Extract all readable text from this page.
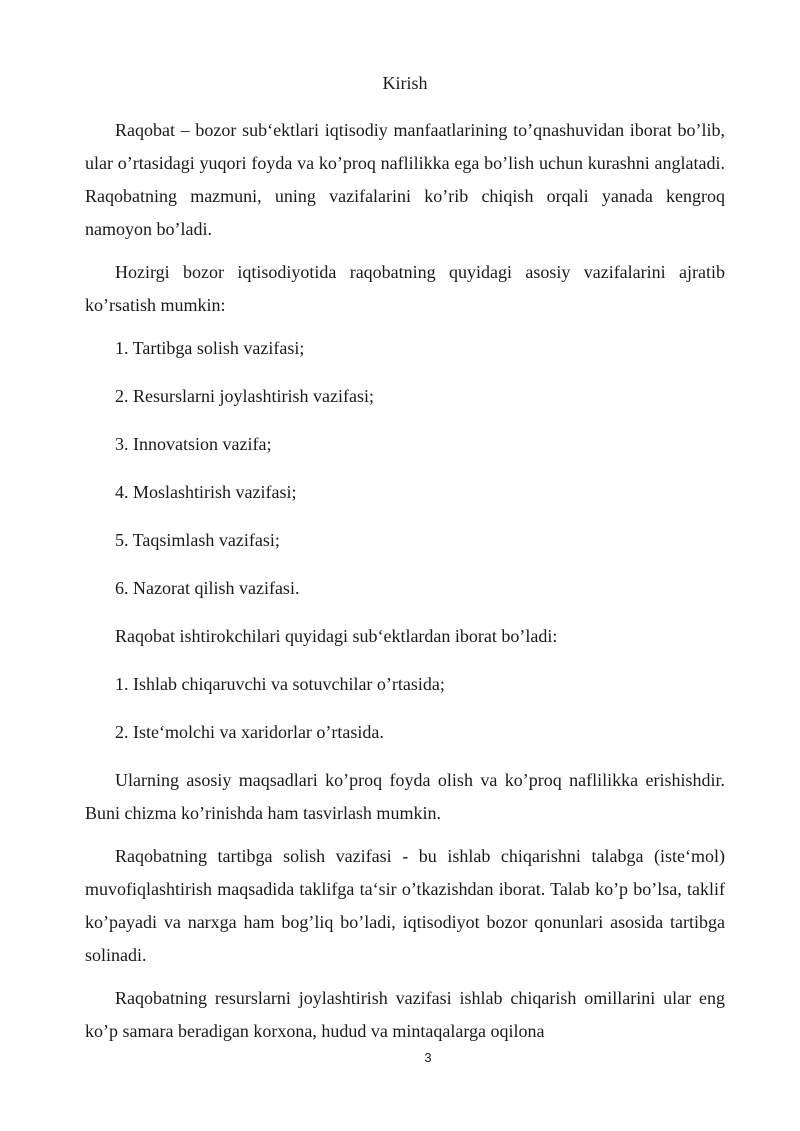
Kirish

Raqobat – bozor sub‘ektlari iqtisodiy manfaatlarining to’qnashuvidan iborat bo’lib, ular o’rtasidagi yuqori foyda va ko’proq naflilikka ega bo’lish uchun kurashni anglatadi. Raqobatning mazmuni, uning vazifalarini ko’rib chiqish orqali yanada kengroq namoyon bo’ladi.

Hozirgi bozor iqtisodiyotida raqobatning quyidagi asosiy vazifalarini ajratib ko’rsatish mumkin:

1. Tartibga solish vazifasi;
2. Resurslarni joylashtirish vazifasi;
3. Innovatsion vazifa;
4. Moslashtirish vazifasi;
5. Taqsimlash vazifasi;
6. Nazorat qilish vazifasi.
Raqobat ishtirokchilari quyidagi sub‘ektlardan iborat bo’ladi:
1. Ishlab chiqaruvchi va sotuvchilar o’rtasida;
2. Iste‘molchi va xaridorlar o’rtasida.

Ularning asosiy maqsadlari ko’proq foyda olish va ko’proq naflilikka erishishdir. Buni chizma ko’rinishda ham tasvirlash mumkin.

Raqobatning tartibga solish vazifasi - bu ishlab chiqarishni talabga (iste‘mol) muvofiqlashtirish maqsadida taklifga ta‘sir o’tkazishdan iborat. Talab ko’p bo’lsa, taklif ko’payadi va narxga ham bog’liq bo’ladi, iqtisodiyot bozor qonunlari asosida tartibga solinadi.

Raqobatning resurslarni joylashtirish vazifasi ishlab chiqarish omillarini ular eng ko’p samara beradigan korxona, hudud va mintaqalarga oqilona

3
